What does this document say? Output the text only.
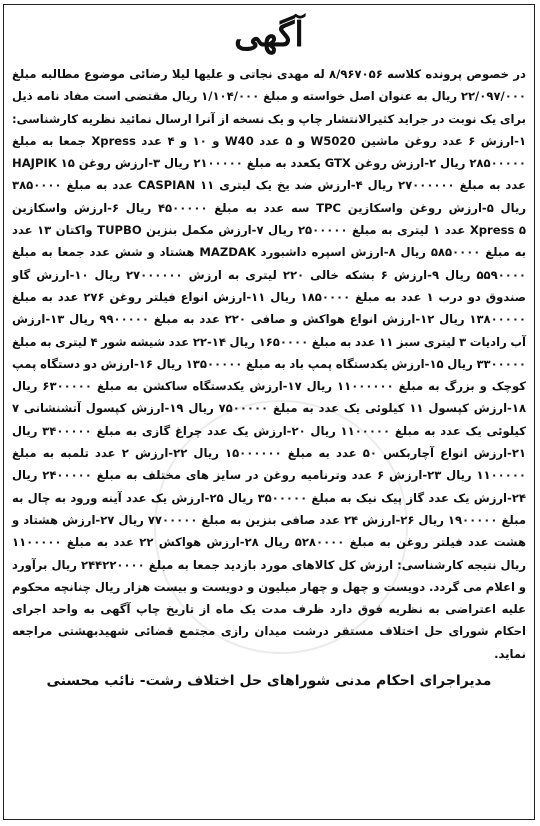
آگهی
در خصوص پرونده کلاسه ۸/۹۶۷۰۵۶ له مهدی نجاتی و علیها لیلا رضائی موضوع مطالبه مبلغ ۲۲/۰۹۷/۰۰۰ ریال به عنوان اصل خواسته و مبلغ ۱/۱۰۴/۰۰۰ ریال مقتضی است مفاد نامه ذیل برای یک نوبت در جراید کثیرالانتشار چاپ و یک نسخه از آنرا ارسال نمائید نظریه کارشناسی: ۱-ارزش ۶ عدد روغن ماشین W5020 و ۵ عدد W40 و ۱۰ و ۴ عدد Xpress جمعا به مبلغ ۲۸۵۰۰۰۰۰ ریال ۲-ارزش روغن GTX یکعدد به مبلغ ۲۱۰۰۰۰۰ ریال ۳-ارزش روغن HAJPIK ۱۵ عدد به مبلغ ۲۷۰۰۰۰۰۰ ریال ۴-ارزش ضد یخ یک لیتری CASPIAN ۱۱ عدد به مبلغ ۳۸۵۰۰۰۰ ریال ۵-ارزش روغن واسکازین TPC سه عدد به مبلغ ۴۵۰۰۰۰۰ ریال ۶-ارزش واسکازین Xpress ۵ عدد ۱ لیتری به مبلغ ۲۵۰۰۰۰۰ ریال ۷-ارزش مکمل بنزین TUPBO واکتان ۱۳ عدد به مبلغ ۵۸۵۰۰۰۰ ریال ۸-ارزش اسپره داشبورد MAZDAK هشتاد و شش عدد جمعا به مبلغ ۵۵۹۰۰۰۰ ریال ۹-ارزش ۶ بشکه خالی ۲۲۰ لیتری به ارزش ۲۷۰۰۰۰۰۰ ریال ۱۰-ارزش گاو صندوق دو درب ۱ عدد به مبلغ ۱۸۵۰۰۰۰ ریال ۱۱-ارزش انواع فیلتر روغن ۲۷۶ عدد به مبلغ ۱۳۸۰۰۰۰۰ ریال ۱۲-ارزش انواع هواکش و صافی ۲۲۰ عدد به مبلغ ۹۹۰۰۰۰۰ ریال ۱۳-ارزش آب رادیات ۳ لیتری سبز ۱۱ عدد به مبلغ ۱۶۵۰۰۰۰ ریال ۱۴-۲۲ عدد شیشه شور ۴ لیتری به مبلغ ۳۳۰۰۰۰۰ ریال ۱۵-ارزش یکدستگاه پمپ باد به مبلغ ۱۳۵۰۰۰۰۰ ریال ۱۶-ارزش دو دستگاه پمپ کوچک و بزرگ به مبلغ ۱۱۰۰۰۰۰۰ ریال ۱۷-ارزش یکدستگاه ساکشن به مبلغ ۶۳۰۰۰۰۰ ریال ۱۸-ارزش کپسول ۱۱ کیلوئی یک عدد به مبلغ ۷۵۰۰۰۰۰ ریال ۱۹-ارزش کپسول آتشنشانی ۷ کیلوئی یک عدد به مبلغ ۱۱۰۰۰۰۰ ریال ۲۰-ارزش یک عدد چراغ گازی به مبلغ ۳۴۰۰۰۰۰ ریال ۲۱-ارزش انواع آچاربکس ۵۰ عدد به مبلغ ۱۵۰۰۰۰۰۰ ریال ۲۲-ارزش ۲ عدد تلمبه به مبلغ ۱۱۰۰۰۰۰ ریال ۲۳-ارزش ۶ عدد وترنامیه روغن در سایز های مختلف به مبلغ ۲۴۰۰۰۰۰ ریال ۲۴-ارزش یک عدد گاز پیک نیک به مبلغ ۳۵۰۰۰۰۰ ریال ۲۵-ارزش یک عدد آینه ورود به چال به مبلغ ۱۹۰۰۰۰۰ ریال ۲۶-ارزش ۲۴ عدد صافی بنزین به مبلغ ۷۷۰۰۰۰۰ ریال ۲۷-ارزش هشتاد و هشت عدد فیلتر روغن به مبلغ ۵۲۸۰۰۰۰ ریال ۲۸-ارزش هواکش ۲۲ عدد به مبلغ ۱۱۰۰۰۰۰ ریال نتیجه کارشناسی: ارزش کل کالاهای مورد بازدید جمعا به مبلغ ۲۴۴۲۲۰۰۰۰ ریال برآورد و اعلام می گردد. دویست و چهل و چهار میلیون و دویست و بیست هزار ریال چنانچه محکوم علیه اعتراضی به نظریه فوق دارد ظرف مدت یک ماه از تاریخ چاپ آگهی به واحد اجرای احکام شورای حل اختلاف مستقر درشت میدان رازی مجتمع قضائی شهیدبهشتی مراجعه نماید.
مدیراجرای احکام مدنی شوراهای حل اختلاف رشت- نائب محسنی
